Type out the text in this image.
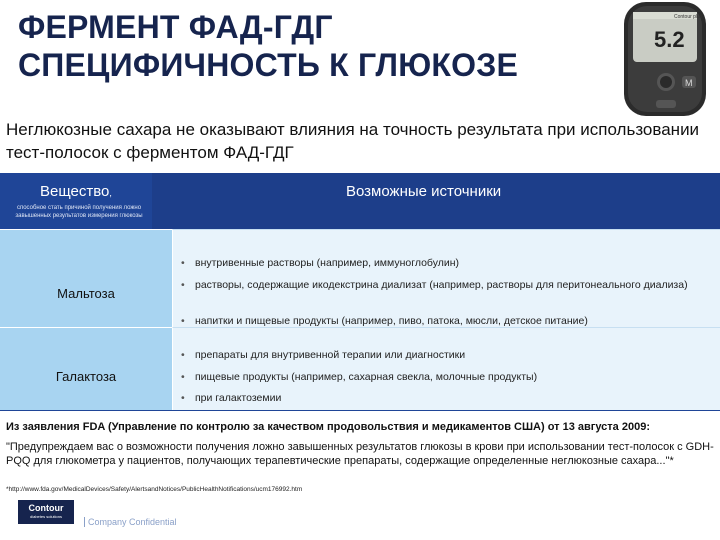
ФЕРМЕНТ ФАД-ГДГ
СПЕЦИФИЧНОСТЬ К ГЛЮКОЗЕ
Contour plus
5.2
M
Неглюкозные сахара не оказывают влияния на точность результата при использовании тест-полосок с ферментом ФАД-ГДГ
Вещество,
способное стать причиной получения ложно завышенных результатов измерения глюкозы
Возможные источники
Мальтоза
• внутривенные растворы (например, иммуноглобулин)
• растворы, содержащие икодекстрина диализат (например, растворы для перитонеального диализа)
• напитки и пищевые продукты (например, пиво, патока, мюсли, детское питание)
Галактоза
• препараты для внутривенной терапии или диагностики
• пищевые продукты (например, сахарная свекла, молочные продукты)
• при галактоземии
Из заявления FDA (Управление по контролю за качеством продовольствия и медикаментов США) от 13 августа 2009:
"Предупреждаем вас о возможности получения ложно завышенных результатов глюкозы в крови при использовании тест-полосок с GDH-PQQ для глюкометра у пациентов, получающих терапевтические препараты, содержащие определенные неглюкозные сахара..."*
*http://www.fda.gov/MedicalDevices/Safety/AlertsandNotices/PublicHealthNotifications/ucm176992.htm
Contour
diabetes solutions
Company Confidential
